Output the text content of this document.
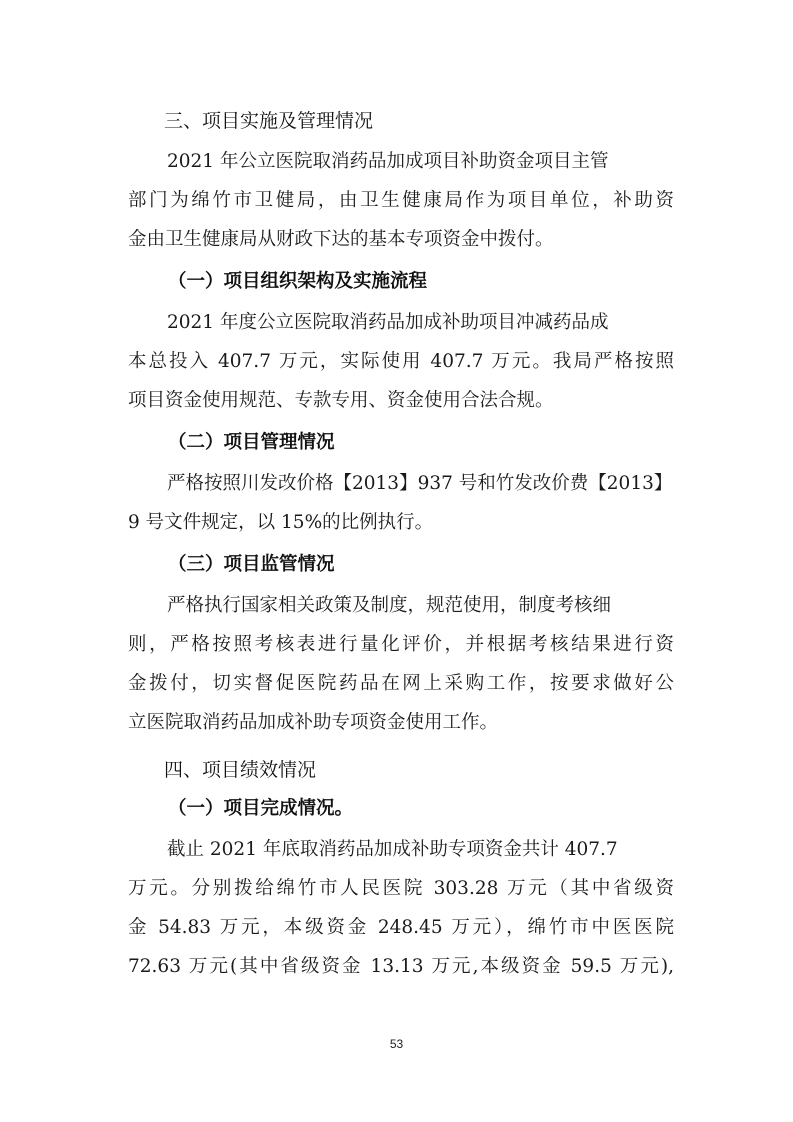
三、项目实施及管理情况
2021 年公立医院取消药品加成项目补助资金项目主管
部门为绵竹市卫健局，由卫生健康局作为项目单位，补助资
金由卫生健康局从财政下达的基本专项资金中拨付。
（一）项目组织架构及实施流程
2021 年度公立医院取消药品加成补助项目冲减药品成
本总投入 407.7 万元，实际使用 407.7 万元。我局严格按照
项目资金使用规范、专款专用、资金使用合法合规。
（二）项目管理情况
严格按照川发改价格【2013】937 号和竹发改价费【2013】
9 号文件规定，以 15%的比例执行。
（三）项目监管情况
严格执行国家相关政策及制度，规范使用，制度考核细
则，严格按照考核表进行量化评价，并根据考核结果进行资
金拨付，切实督促医院药品在网上采购工作，按要求做好公
立医院取消药品加成补助专项资金使用工作。
四、项目绩效情况
（一）项目完成情况。
截止 2021 年底取消药品加成补助专项资金共计 407.7
万元。分别拨给绵竹市人民医院 303.28 万元（其中省级资
金 54.83 万元，本级资金 248.45 万元），绵竹市中医医院
72.63 万元(其中省级资金 13.13 万元,本级资金 59.5 万元),
53
